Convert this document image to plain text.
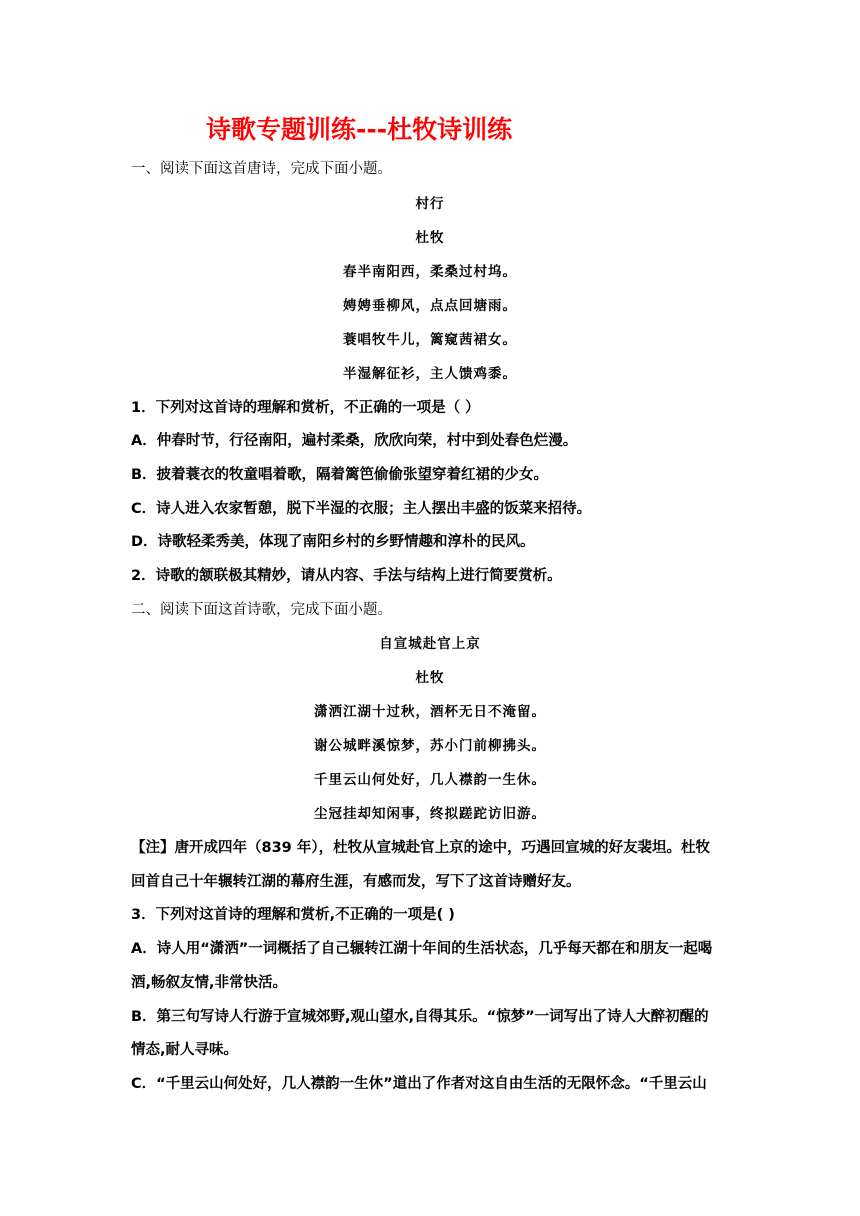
诗歌专题训练---杜牧诗训练
一、阅读下面这首唐诗，完成下面小题。
村行
杜牧
春半南阳西，柔桑过村坞。
娉娉垂柳风，点点回塘雨。
蓑唱牧牛儿，篱窥茜裙女。
半湿解征衫，主人馈鸡黍。
1．下列对这首诗的理解和赏析，不正确的一项是（ ）
A．仲春时节，行径南阳，遍村柔桑，欣欣向荣，村中到处春色烂漫。
B．披着蓑衣的牧童唱着歌，隔着篱笆偷偷张望穿着红裙的少女。
C．诗人进入农家暂憩，脱下半湿的衣服；主人摆出丰盛的饭菜来招待。
D．诗歌轻柔秀美，体现了南阳乡村的乡野情趣和淳朴的民风。
2．诗歌的颔联极其精妙，请从内容、手法与结构上进行简要赏析。
二、阅读下面这首诗歌，完成下面小题。
自宣城赴官上京
杜牧
潇洒江湖十过秋，酒杯无日不淹留。
谢公城畔溪惊梦，苏小门前柳拂头。
千里云山何处好，几人襟韵一生休。
尘冠挂却知闲事，终拟蹉跎访旧游。
【注】唐开成四年（839 年），杜牧从宣城赴官上京的途中，巧遇回宣城的好友裴坦。杜牧
回首自己十年辗转江湖的幕府生涯，有感而发，写下了这首诗赠好友。
3．下列对这首诗的理解和赏析,不正确的一项是( )
A．诗人用“潇洒”一词概括了自己辗转江湖十年间的生活状态，几乎每天都在和朋友一起喝
酒,畅叙友情,非常快活。
B．第三句写诗人行游于宣城郊野,观山望水,自得其乐。“惊梦”一词写出了诗人大醉初醒的
情态,耐人寻味。
C．“千里云山何处好，几人襟韵一生休”道出了作者对这自由生活的无限怀念。“千里云山
